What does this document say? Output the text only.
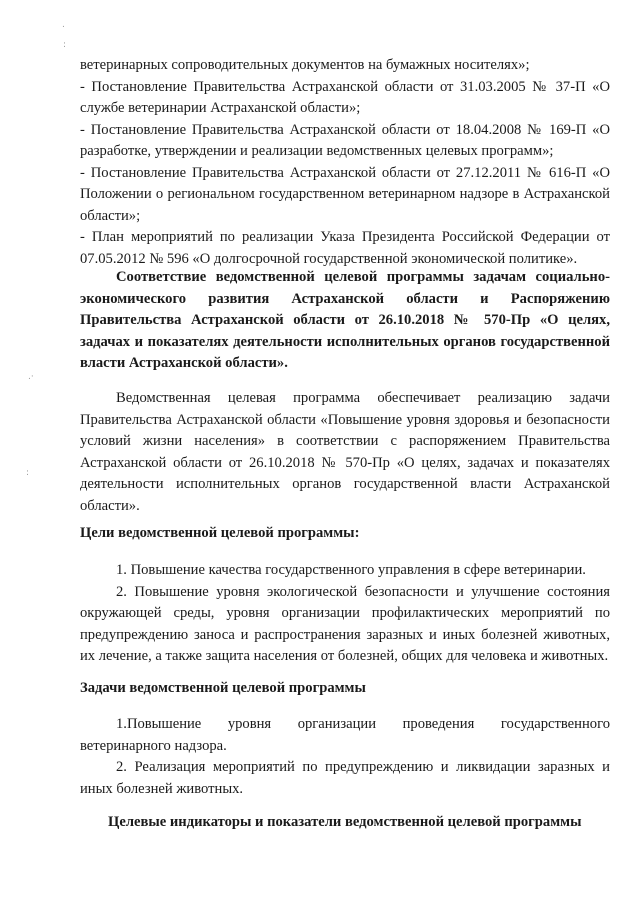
.
:
.·
:
ветеринарных сопроводительных документов на бумажных носителях»;
- Постановление Правительства Астраханской области от 31.03.2005 № 37-П «О службе ветеринарии Астраханской области»;
- Постановление Правительства Астраханской области от 18.04.2008 № 169-П «О разработке, утверждении и реализации ведомственных целевых программ»;
- Постановление Правительства Астраханской области от 27.12.2011 № 616-П «О Положении о региональном государственном ветеринарном надзоре в Астраханской области»;
- План мероприятий по реализации Указа Президента Российской Федерации от 07.05.2012 № 596 «О долгосрочной государственной экономической политике».

Соответствие ведомственной целевой программы задачам социально-экономического развития Астраханской области и Распоряжению Правительства Астраханской области от 26.10.2018 № 570-Пр «О целях, задачах и показателях деятельности исполнительных органов государственной власти Астраханской области».

Ведомственная целевая программа обеспечивает реализацию задачи Правительства Астраханской области «Повышение уровня здоровья и безопасности условий жизни населения» в соответствии с распоряжением Правительства Астраханской области от 26.10.2018 № 570-Пр «О целях, задачах и показателях деятельности исполнительных органов государственной власти Астраханской области».

Цели ведомственной целевой программы:

1. Повышение качества государственного управления в сфере ветеринарии.
2. Повышение уровня экологической безопасности и улучшение состояния окружающей среды, уровня организации профилактических мероприятий по предупреждению заноса и распространения заразных и иных болезней животных, их лечение, а также защита населения от болезней, общих для человека и животных.

Задачи ведомственной целевой программы

1.Повышение уровня организации проведения государственного ветеринарного надзора.
2. Реализация мероприятий по предупреждению и ликвидации заразных и иных болезней животных.

Целевые индикаторы и показатели ведомственной целевой программы
